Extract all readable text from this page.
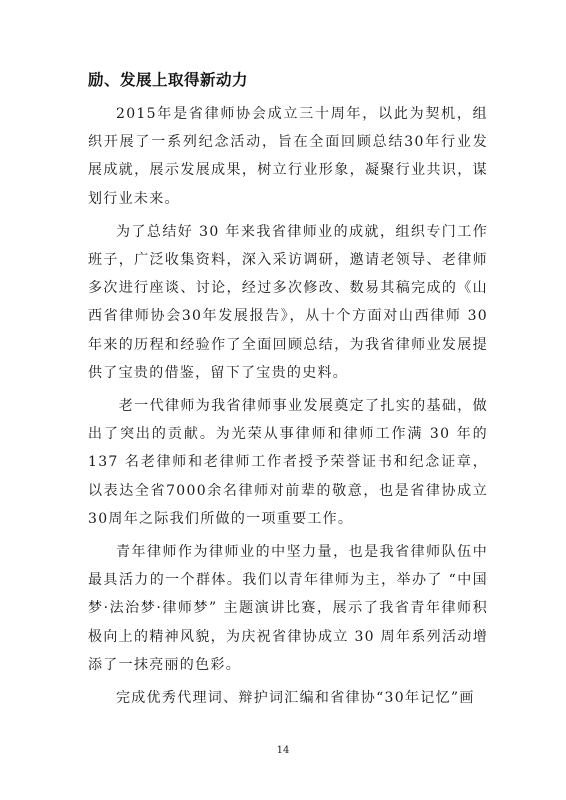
励、发展上取得新动力

2015年是省律师协会成立三十周年，以此为契机，组织开展了一系列纪念活动，旨在全面回顾总结30年行业发展成就，展示发展成果，树立行业形象，凝聚行业共识，谋划行业未来。

为了总结好 30 年来我省律师业的成就，组织专门工作班子，广泛收集资料，深入采访调研，邀请老领导、老律师多次进行座谈、讨论，经过多次修改、数易其稿完成的《山西省律师协会30年发展报告》，从十个方面对山西律师 30年来的历程和经验作了全面回顾总结，为我省律师业发展提供了宝贵的借鉴，留下了宝贵的史料。

老一代律师为我省律师事业发展奠定了扎实的基础，做出了突出的贡献。为光荣从事律师和律师工作满 30 年的137 名老律师和老律师工作者授予荣誉证书和纪念证章，以表达全省7000余名律师对前辈的敬意，也是省律协成立 30周年之际我们所做的一项重要工作。

青年律师作为律师业的中坚力量，也是我省律师队伍中最具活力的一个群体。我们以青年律师为主，举办了 “中国梦·法治梦·律师梦” 主题演讲比赛，展示了我省青年律师积极向上的精神风貌，为庆祝省律协成立 30 周年系列活动增添了一抹亮丽的色彩。

完成优秀代理词、辩护词汇编和省律协“30年记忆”画

14
